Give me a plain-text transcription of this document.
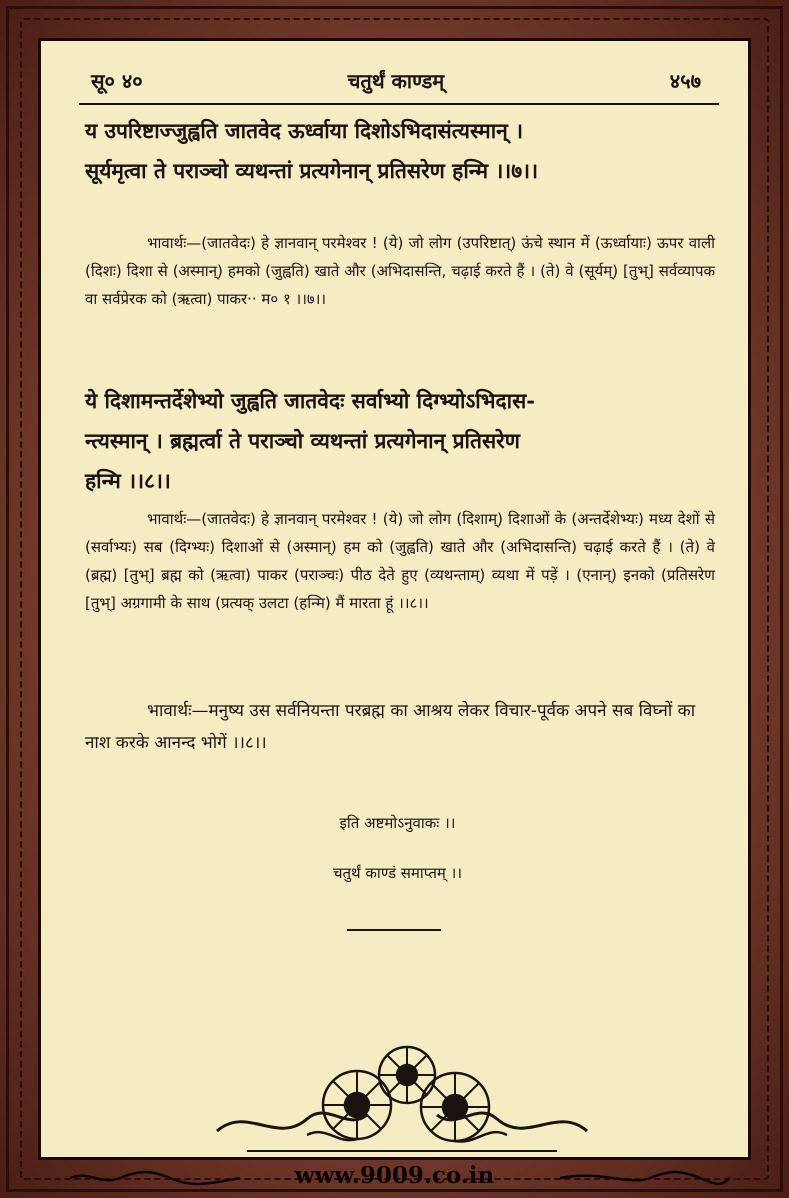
सू० ४०	चतुर्थं काण्डम्	४५७
य उपरिष्टाज्जुह्वति जातवेद ऊर्ध्वाया दिशोऽभिदासंत्यस्मान् ।
सूर्यमृत्वा ते पराञ्चो व्यथन्तां प्रत्यगेनान् प्रतिसरेण हन्मि ।।७।।
भावार्थः—(जातवेदः) हे ज्ञानवान् परमेश्वर ! (ये) जो लोग (उपरिष्टात्) ऊंचे स्थान में (ऊर्ध्वायाः) ऊपर वाली (दिशः) दिशा से (अस्मान्) हमको (जुह्वति) खाते और (अभिदासन्ति, चढ़ाई करते हैं । (ते) वे (सूर्यम्) [तुभ्] सर्वव्यापक वा सर्वप्रेरक को (ऋत्वा) पाकर·· म० १ ।।७।।
ये दिशामन्तर्देशेभ्यो जुह्वति जातवेदः सर्वाभ्यो दिग्भ्योऽभिदास-
न्त्यस्मान् । ब्रह्मर्त्वा ते पराञ्चो व्यथन्तां प्रत्यगेनान् प्रतिसरेण
हन्मि ।।८।।
भावार्थः—(जातवेदः) हे ज्ञानवान् परमेश्वर ! (ये) जो लोग (दिशाम्) दिशाओं के (अन्तर्देशेभ्यः) मध्य देशों से (सर्वाभ्यः) सब (दिग्भ्यः) दिशाओं से (अस्मान्) हम को (जुह्वति) खाते और (अभिदासन्ति) चढ़ाई करते हैं । (ते) वे (ब्रह्म) [तुभ्] ब्रह्म को (ऋत्वा) पाकर (पराञ्चः) पीठ देते हुए (व्यथन्ताम्) व्यथा में पड़ें । (एनान्) इनको (प्रतिसरेण [तुभ्] अग्रगामी के साथ (प्रत्यक् उलटा (हन्मि) मैं मारता हूं ।।८।।
भावार्थः—मनुष्य उस सर्वनियन्ता परब्रह्म का आश्रय लेकर विचार-पूर्वक अपने सब विघ्नों का नाश करके आनन्द भोगें ।।८।।
इति अष्टमोऽनुवाकः ।।
चतुर्थं काण्डं समाप्तम् ।।
www.9009.co.in
